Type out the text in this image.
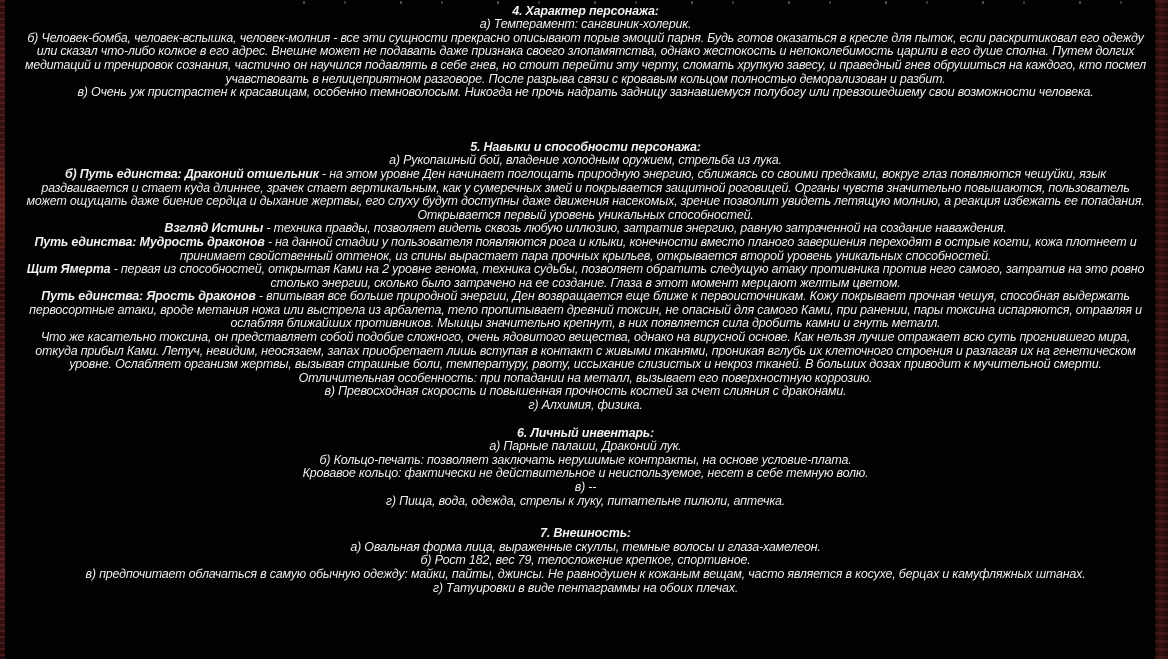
4. Характер персонажа:
а) Темперамент: сангвиник-холерик.
б) Человек-бомба, человек-вспышка, человек-молния - все эти сущности прекрасно описывают порыв эмоций парня. Будь готов оказаться в кресле для пыток, если раскритиковал его одежду или сказал что-либо колкое в его адрес. Внешне может не подавать даже признака своего злопамятства, однако жестокость и непоколебимость царили в его душе сполна. Путем долгих медитаций и тренировок сознания, частично он научился подавлять в себе гнев, но стоит перейти эту черту, сломать хрупкую завесу, и праведный гнев обрушиться на каждого, кто посмел учавствовать в нелицеприятном разговоре. После разрыва связи с кровавым кольцом полностью деморализован и разбит.
в) Очень уж пристрастен к красавицам, особенно темноволосым. Никогда не прочь надрать задницу зазнавшемуся полубогу или превзошедшему свои возможности человека.
5. Навыки и способности персонажа:
а) Рукопашный бой, владение холодным оружием, стрельба из лука.
б) Путь единства: Драконий отшельник - на этом уровне Ден начинает поглощать природную энергию, сближаясь со своими предками, вокруг глаз появляются чешуйки, язык раздваивается и стает куда длиннее, зрачек стает вертикальным, как у сумеречных змей и покрывается защитной роговицей. Органы чувств значительно повышаются, пользователь может ощущать даже биение сердца и дыхание жертвы, его слуху будут доступны даже движения насекомых, зрение позволит увидеть летящую молнию, а реакция избежать ее попадания. Открывается первый уровень уникальных способностей.
Взгляд Истины - техника правды, позволяет видеть сквозь любую иллюзию, затратив энергию, равную затраченной на создание наваждения.
Путь единства: Мудрость драконов - на данной стадии у пользователя появляются рога и клыки, конечности вместо планого завершения переходят в острые когти, кожа плотнеет и принимает свойственный оттенок, из спины вырастает пара прочных крыльев, открывается второй уровень уникальных способностей.
Щит Ямерта - первая из способностей, открытая Ками на 2 уровне генома, техника судьбы, позволяет обратить следущую атаку противника против него самого, затратив на это ровно столько энергии, сколько было затрачено на ее создание. Глаза в этот момент мерцают желтым цветом.
Путь единства: Ярость драконов - впитывая все больше природной энергии, Ден возвращается еще ближе к первоисточникам. Кожу покрывает прочная чешуя, способная выдержать первосортные атаки, вроде метания ножа или выстрела из арбалета, тело пропитывает древний токсин, не опасный для самого Ками, при ранении, пары токсина испаряются, отравляя и ослабляя ближайших противников. Мышцы значительно крепнут, в них появляется сила дробить камни и гнуть металл.
Что же касательно токсина, он представляет собой подобие сложного, очень ядовитого вещества, однако на вирусной основе. Как нельзя лучше отражает всю суть прогнившего мира, откуда прибыл Ками. Летуч, невидим, неосязаем, запах приобретает лишь вступая в контакт с живыми тканями, проникая вглубь их клеточного строения и разлагая их на генетическом уровне. Ослабляет организм жертвы, вызывая страшные боли, температуру, рвоту, иссыхание слизистых и некроз тканей. В больших дозах приводит к мучительной смерти. Отличительная особенность: при попадании на металл, вызывает его поверхностную коррозию.
в) Превосходная скорость и повышенная прочность костей за счет слияния с драконами.
г) Алхимия, физика.
6. Личный инвентарь:
а) Парные палаши, Драконий лук.
б) Кольцо-печать: позволяет заключать нерушимые контракты, на основе условие-плата.
Кровавое кольцо: фактически не действительное и неиспользуемое, несет в себе темную волю.
в) --
г) Пища, вода, одежда, стрелы к луку, питательне пилюли, аптечка.
7. Внешность:
а) Овальная форма лица, выраженные скуллы, темные волосы и глаза-хамелеон.
б) Рост 182, вес 79, телосложение крепкое, спортивное.
в) предпочитает облачаться в самую обычную одежду: майки, пайты, джинсы. Не равнодушен к кожаным вещам, часто является в косухе, берцах и камуфляжных штанах.
г) Татуировки в виде пентаграммы на обоих плечах.
